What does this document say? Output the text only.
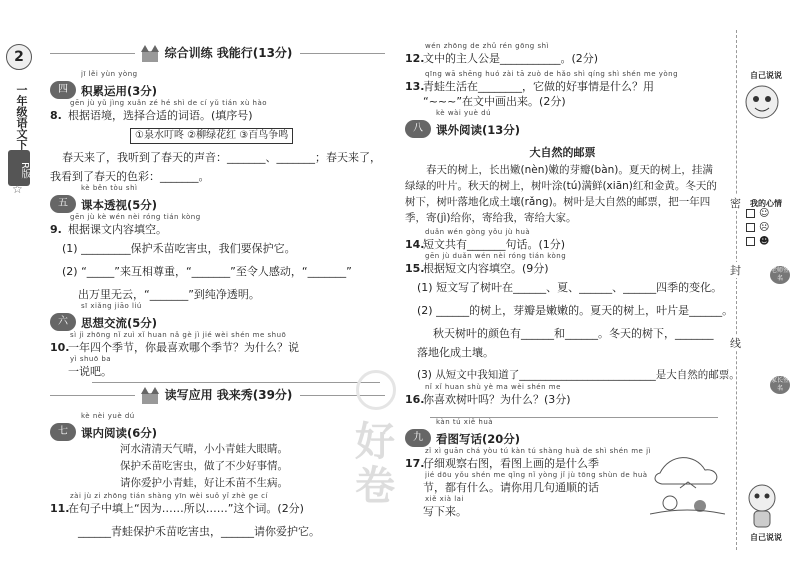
2
一年级语文下
R版
☆
综合训练 我能行(13分)
jī lěi yùn yòng
四	积累运用(3分)
gēn jù yǔ jìng xuǎn zé hé shì de cí yǔ tián xù hào
8. 根据语境，选择合适的词语。(填序号)
①泉水叮咚 ②柳绿花红 ③百鸟争鸣
春天来了，我听到了春天的声音：_______、_______；春天来了，
我看到了春天的色彩：_______。
kè běn tòu shì
五	课本透视(5分)
gēn jù kè wén nèi róng tián kòng
9. 根据课文内容填空。
(1) _________保护禾苗吃害虫，我们要保护它。
(2) “_____”来互相尊重，“_______”至令人感动，“_______”
出万里无云，“_______”到纯净透明。
sī xiǎng jiāo liú
六	思想交流(5分)
sì jì zhōng nǐ zuì xǐ huan nǎ gè jì jié wèi shén me shuō
10.一年四个季节，你最喜欢哪个季节？为什么？说
yì shuō ba
一说吧。
读写应用 我来秀(39分)
kè nèi yuè dú
七	课内阅读(6分)
河水清清天气晴，小小青蛙大眼睛。
保护禾苗吃害虫，做了不少好事情。
请你爱护小青蛙，好让禾苗不生病。
zài jù zi zhōng tián shàng yīn wèi suǒ yǐ zhè ge cí
11.在句子中填上“因为……所以……”这个词。(2分)
______青蛙保护禾苗吃害虫，______请你爱护它。
wén zhōng de zhǔ rén gōng shì
12.文中的主人公是___________。(2分)
qīng wā shēng huó zài tā zuò de hǎo shì qíng shì shén me yòng
13.青蛙生活在________，它做的好事情是什么？用
“~~~”在文中画出来。(2分)
kè wài yuè dú
八	课外阅读(13分)
大自然的邮票
春天的树上，长出嫩(nèn)嫩的芽瓣(bàn)。夏天的树上，挂满绿绿的叶片。秋天的树上，树叶涂(tú)满鲜(xiān)红和金黄。冬天的树下，树叶落地化成土壤(rǎng)。树叶是大自然的邮票，把一年四季，寄(jì)给你，寄给我，寄给大家。
duǎn wén gòng yǒu jù huà
14.短文共有_______句话。(1分)
gēn jù duǎn wén nèi róng tián kòng
15.根据短文内容填空。(9分)
(1) 短文写了树叶在______、夏、______、______四季的变化。
(2) ______的树上，芽瓣是嫩嫩的。夏天的树上，叶片是______。
秋天树叶的颜色有______和______。冬天的树下，_______
落地化成土壤。
(3) 从短文中我知道了__________________________是大自然的邮票。
nǐ xǐ huan shù yè ma wèi shén me
16.你喜欢树叶吗？为什么？(3分)
kàn tú xiě huà
九	看图写话(20分)
zǐ xì guān chá yòu tú kàn tú shàng huà de shì shén me jì
17.仔细观察右图，看图上画的是什么季
jié dōu yǒu shén me qǐng nǐ yòng jǐ jù tōng shùn de huà
节，都有什么。请你用几句通顺的话
xiě xià lai
写下来。
好卷
自己说说
我的心情
☺
☹
☻
密
封
线
老师签名
家长签名
自己说说
